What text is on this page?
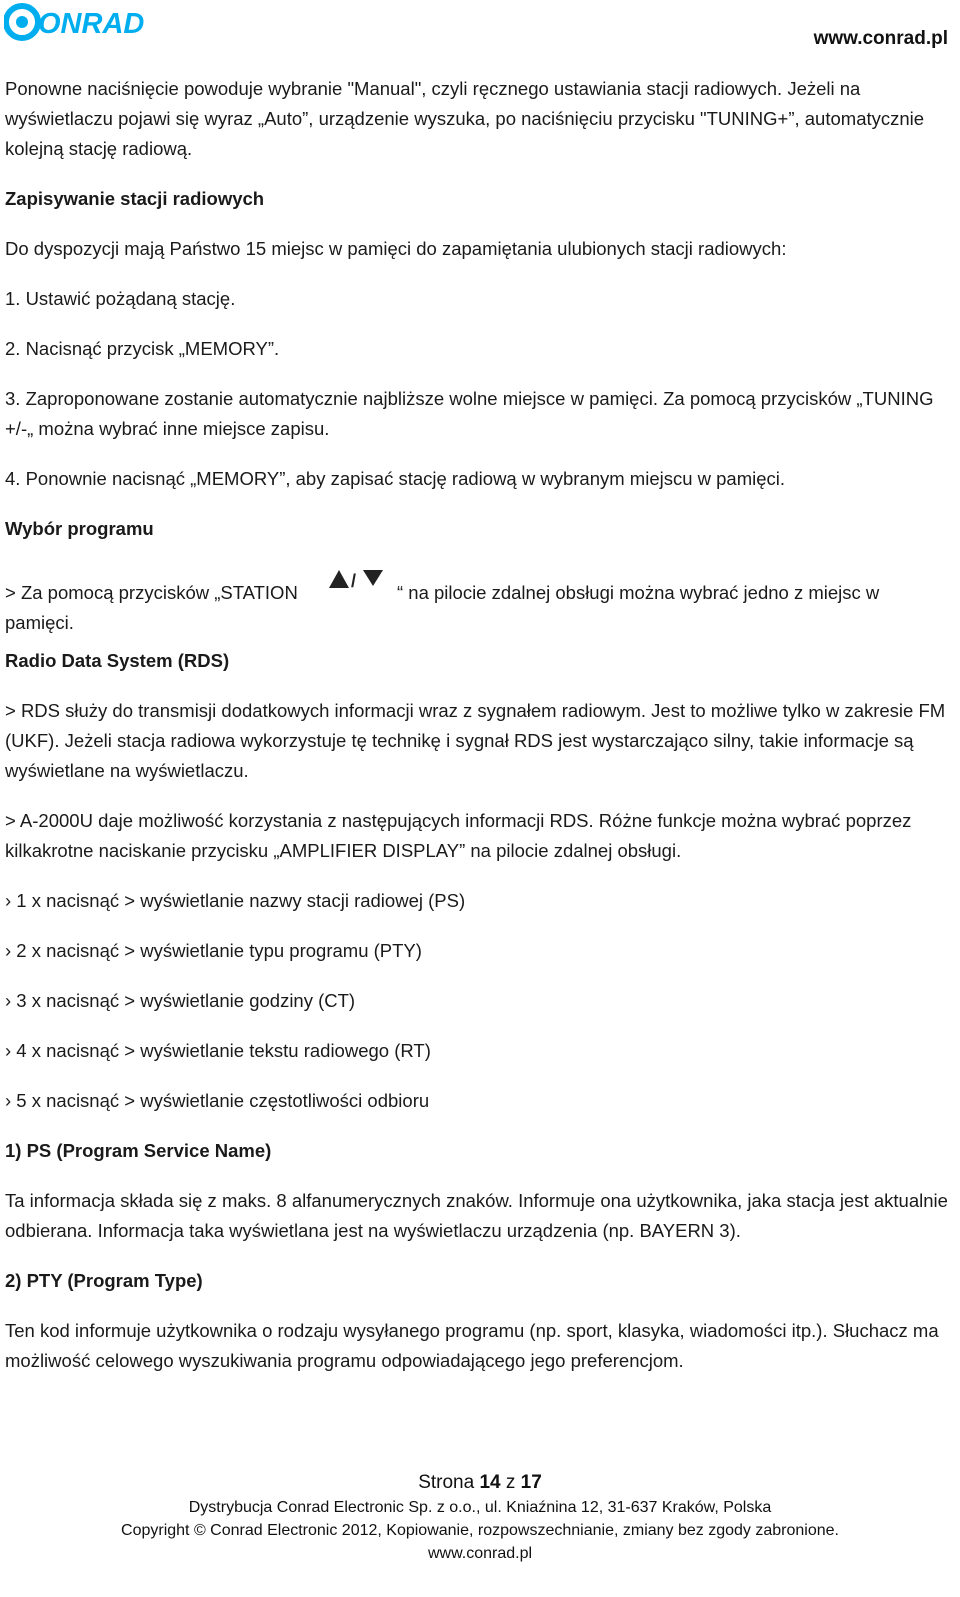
ONRAD	www.conrad.pl

Ponowne naciśnięcie powoduje wybranie "Manual", czyli ręcznego ustawiania stacji radiowych. Jeżeli na wyświetlaczu pojawi się wyraz „Auto”, urządzenie wyszuka, po naciśnięciu przycisku "TUNING+”, automatycznie kolejną stację radiową.

Zapisywanie stacji radiowych

Do dyspozycji mają Państwo 15 miejsc w pamięci do zapamiętania ulubionych stacji radiowych:

1. Ustawić pożądaną stację.

2. Nacisnąć przycisk „MEMORY”.

3. Zaproponowane zostanie automatycznie najbliższe wolne miejsce w pamięci. Za pomocą przycisków „TUNING +/-„ można wybrać inne miejsce zapisu.

4. Ponownie nacisnąć „MEMORY”, aby zapisać stację radiową w wybranym miejscu w pamięci.

Wybór programu

> Za pomocą przycisków „STATION
/
“ na pilocie zdalnej obsługi można wybrać jedno z miejsc w
pamięci.

Radio Data System (RDS)

> RDS służy do transmisji dodatkowych informacji wraz z sygnałem radiowym. Jest to możliwe tylko w zakresie FM (UKF). Jeżeli stacja radiowa wykorzystuje tę technikę i sygnał RDS jest wystarczająco silny, takie informacje są wyświetlane na wyświetlaczu.

> A-2000U daje możliwość korzystania z następujących informacji RDS. Różne funkcje można wybrać poprzez kilkakrotne naciskanie przycisku „AMPLIFIER DISPLAY” na pilocie zdalnej obsługi.

› 1 x nacisnąć > wyświetlanie nazwy stacji radiowej (PS)

› 2 x nacisnąć > wyświetlanie typu programu (PTY)

› 3 x nacisnąć > wyświetlanie godziny (CT)

› 4 x nacisnąć > wyświetlanie tekstu radiowego (RT)

› 5 x nacisnąć > wyświetlanie częstotliwości odbioru

1) PS (Program Service Name)

Ta informacja składa się z maks. 8 alfanumerycznych znaków. Informuje ona użytkownika, jaka stacja jest aktualnie odbierana. Informacja taka wyświetlana jest na wyświetlaczu urządzenia (np. BAYERN 3).

2) PTY (Program Type)

Ten kod informuje użytkownika o rodzaju wysyłanego programu (np. sport, klasyka, wiadomości itp.). Słuchacz ma możliwość celowego wyszukiwania programu odpowiadającego jego preferencjom.

Strona 14 z 17
Dystrybucja Conrad Electronic Sp. z o.o., ul. Kniaźnina 12, 31-637 Kraków, Polska
Copyright © Conrad Electronic 2012, Kopiowanie, rozpowszechnianie, zmiany bez zgody zabronione.
www.conrad.pl
